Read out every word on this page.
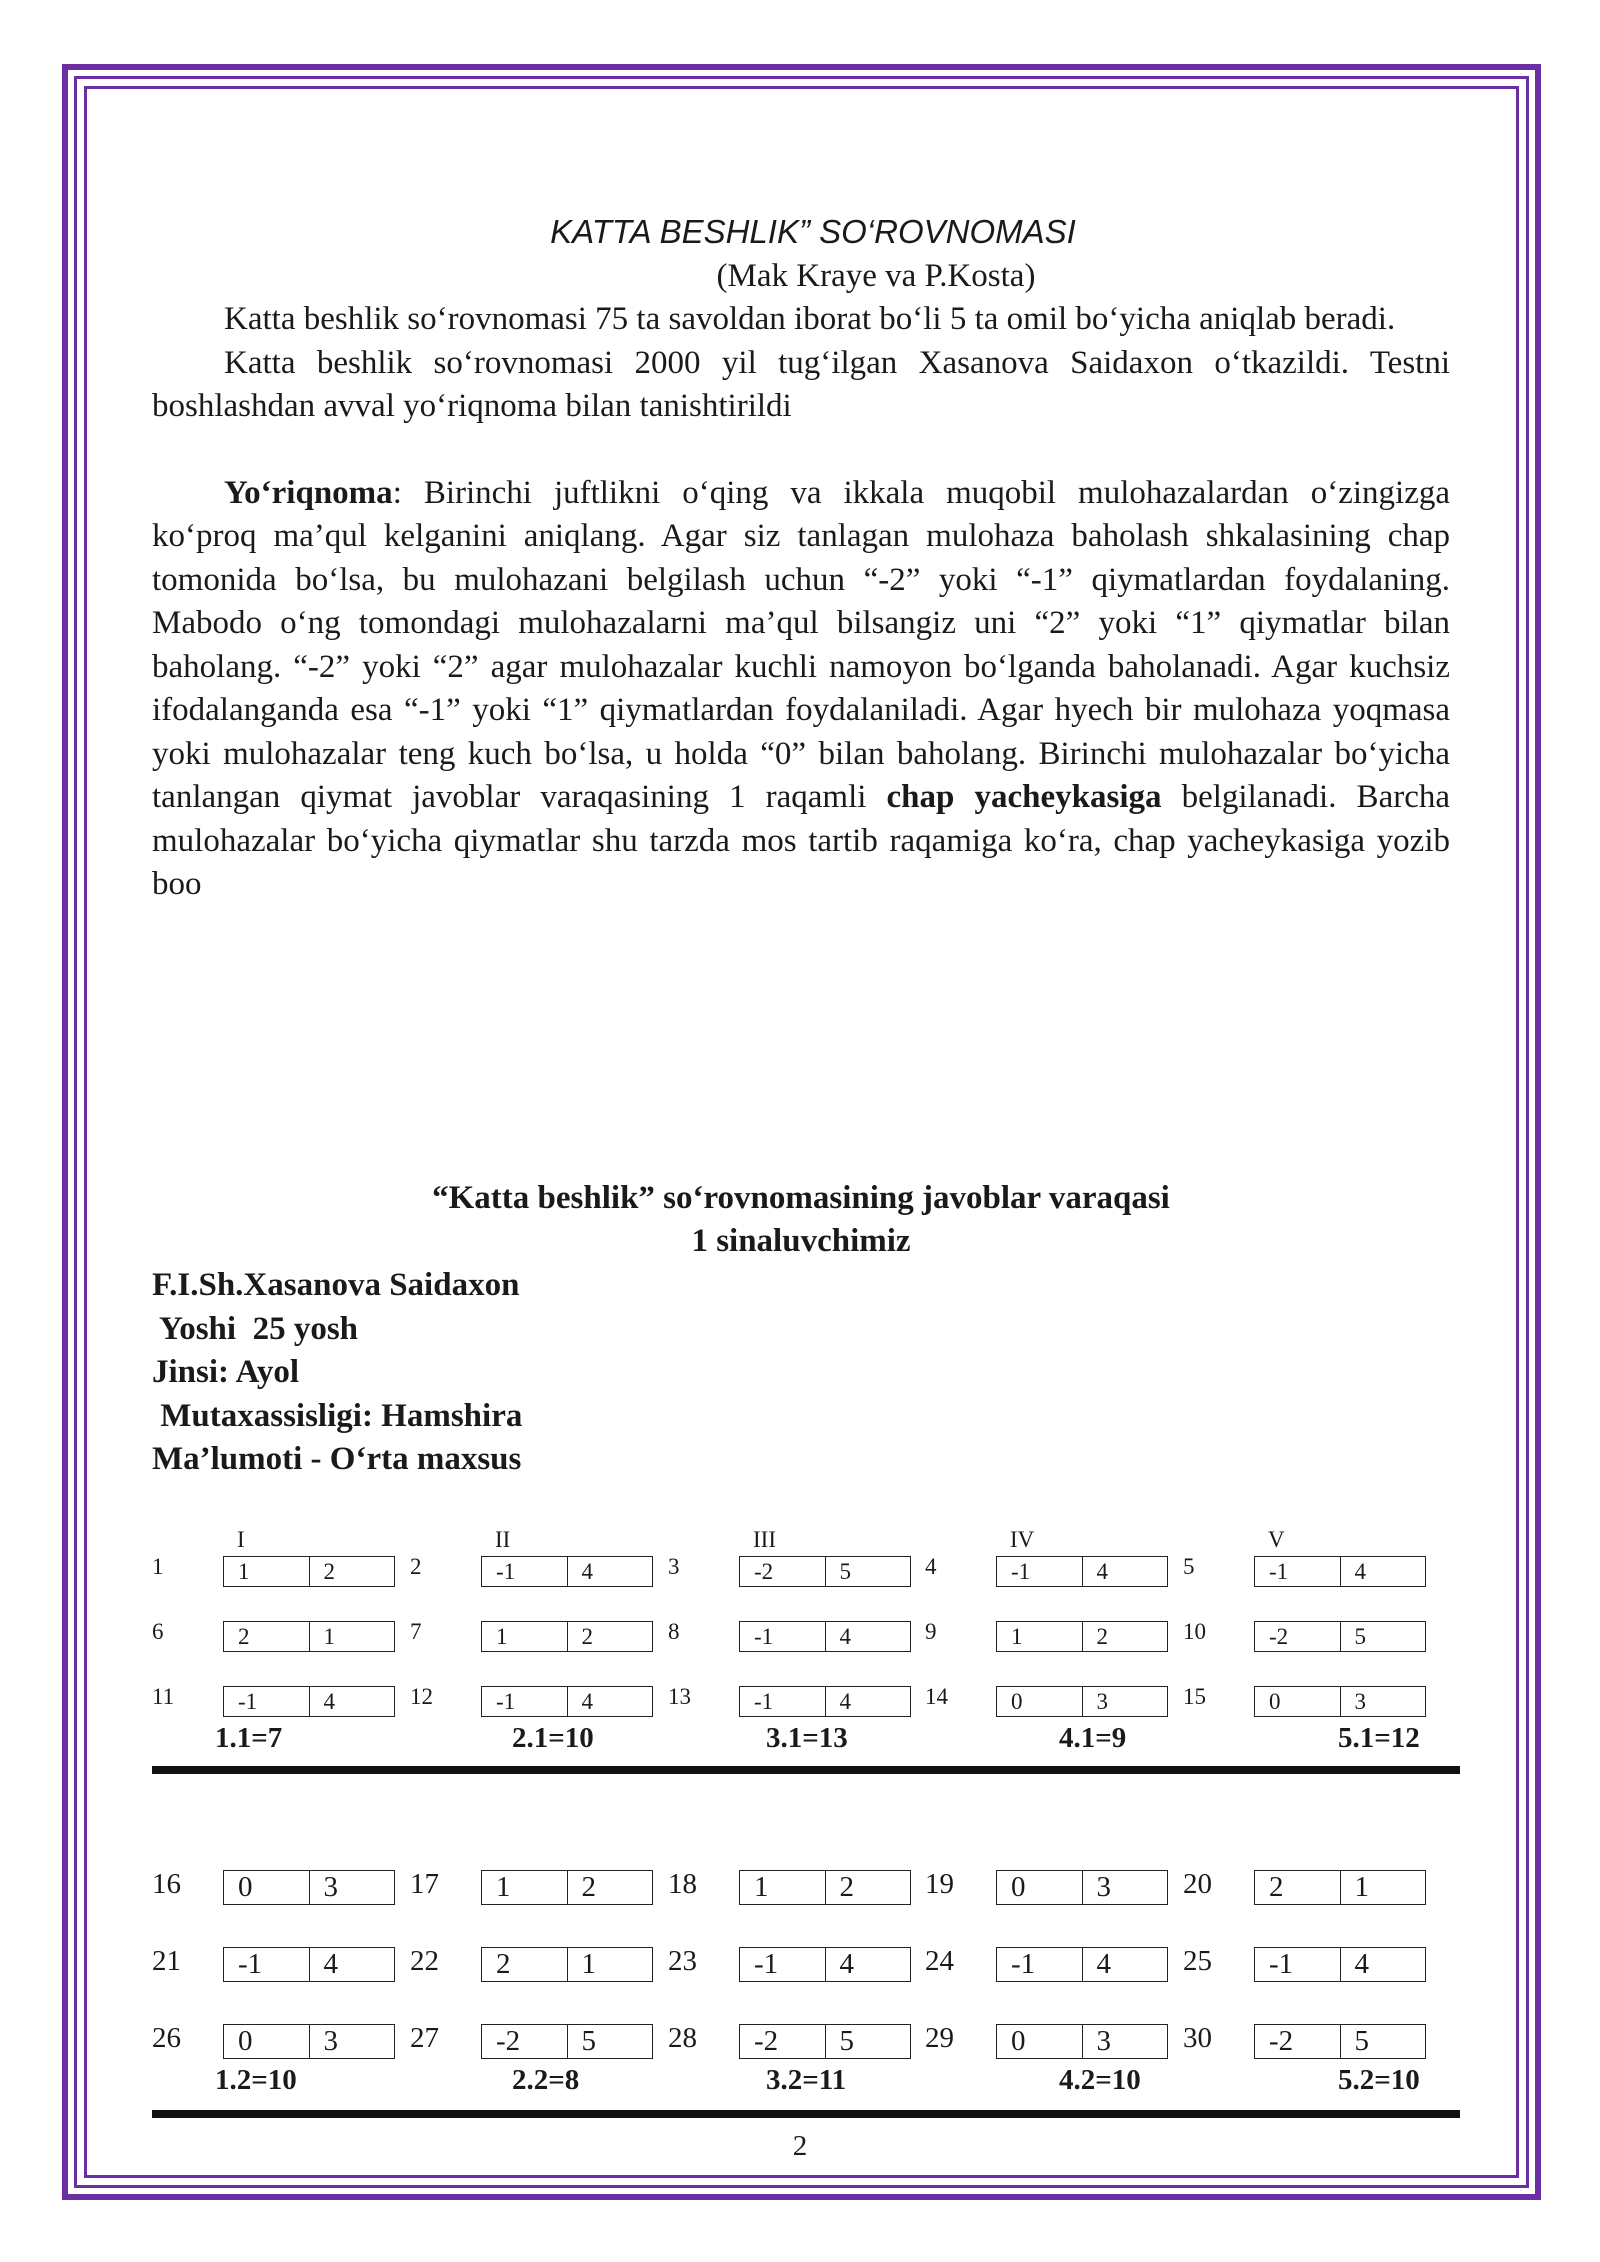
KATTA BESHLIK” SO‘ROVNOMASI
(Mak Kraye va P.Kosta)

Katta beshlik so‘rovnomasi 75 ta savoldan iborat bo‘li 5 ta omil bo‘yicha aniqlab beradi.

Katta beshlik so‘rovnomasi 2000 yil tug‘ilgan Xasanova Saidaxon o‘tkazildi. Testni boshlashdan avval yo‘riqnoma bilan tanishtirildi

Yo‘riqnoma: Birinchi juftlikni o‘qing va ikkala muqobil mulohazalardan o‘zingizga ko‘proq ma’qul kelganini aniqlang. Agar siz tanlagan mulohaza baholash shkalasining chap tomonida bo‘lsa, bu mulohazani belgilash uchun “-2” yoki “-1” qiymatlardan foydalaning. Mabodo o‘ng tomondagi mulohazalarni ma’qul bilsangiz uni “2” yoki “1” qiymatlar bilan baholang. “-2” yoki “2” agar mulohazalar kuchli namoyon bo‘lganda baholanadi. Agar kuchsiz ifodalanganda esa “-1” yoki “1” qiymatlardan foydalaniladi. Agar hyech bir mulohaza yoqmasa yoki mulohazalar teng kuch bo‘lsa, u holda “0” bilan baholang. Birinchi mulohazalar bo‘yicha tanlangan qiymat javoblar varaqasining 1 raqamli chap yacheykasiga belgilanadi. Barcha mulohazalar bo‘yicha qiymatlar shu tarzda mos tartib raqamiga ko‘ra, chap yacheykasiga yozib boo

“Katta beshlik” so‘rovnomasining javoblar varaqasi
1 sinaluvchimiz
F.I.Sh.Xasanova Saidaxon
Yoshi  25 yosh
Jinsi: Ayol
Mutaxassisligi: Hamshira
Ma’lumoti - O‘rta maxsus
I	II	III	IV	V
1	1	2	2	-1	4	3	-2	5	4	-1	4	5	-1	4
6	2	1	7	1	2	8	-1	4	9	1	2	10	-2	5
11	-1	4	12	-1	4	13	-1	4	14	0	3	15	0	3
1.1=7	2.1=10	3.1=13	4.1=9	5.1=12
16	0	3	17	1	2	18	1	2	19	0	3	20	2	1
21	-1	4	22	2	1	23	-1	4	24	-1	4	25	-1	4
26	0	3	27	-2	5	28	-2	5	29	0	3	30	-2	5
1.2=10	2.2=8	3.2=11	4.2=10	5.2=10
2
